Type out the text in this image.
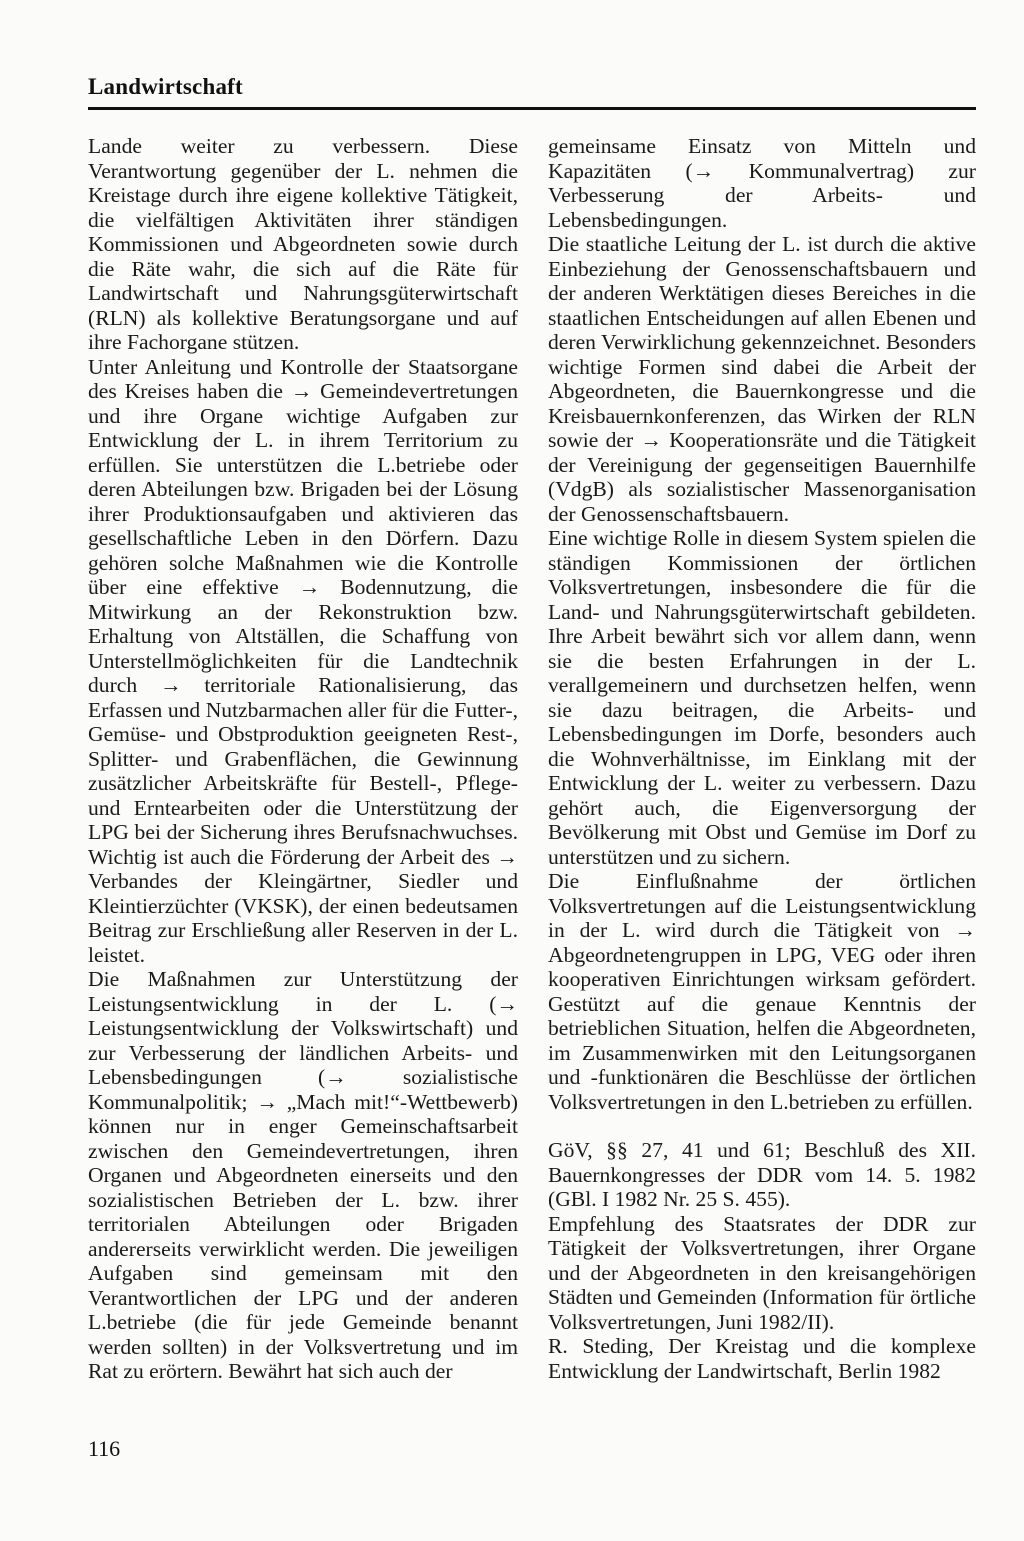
Landwirtschaft

Lande weiter zu verbessern. Diese Verantwortung gegenüber der L. nehmen die Kreistage durch ihre eigene kollektive Tätigkeit, die vielfältigen Aktivitäten ihrer ständigen Kommissionen und Abgeordneten sowie durch die Räte wahr, die sich auf die Räte für Landwirtschaft und Nahrungsgüterwirtschaft (RLN) als kollektive Beratungsorgane und auf ihre Fachorgane stützen.

Unter Anleitung und Kontrolle der Staatsorgane des Kreises haben die → Gemeindevertretungen und ihre Organe wichtige Aufgaben zur Entwicklung der L. in ihrem Territorium zu erfüllen. Sie unterstützen die L.betriebe oder deren Abteilungen bzw. Brigaden bei der Lösung ihrer Produktionsaufgaben und aktivieren das gesellschaftliche Leben in den Dörfern. Dazu gehören solche Maßnahmen wie die Kontrolle über eine effektive → Bodennutzung, die Mitwirkung an der Rekonstruktion bzw. Erhaltung von Altställen, die Schaffung von Unterstellmöglichkeiten für die Landtechnik durch → territoriale Rationalisierung, das Erfassen und Nutzbarmachen aller für die Futter-, Gemüse- und Obstproduktion geeigneten Rest-, Splitter- und Grabenflächen, die Gewinnung zusätzlicher Arbeitskräfte für Bestell-, Pflege- und Erntearbeiten oder die Unterstützung der LPG bei der Sicherung ihres Berufsnachwuchses. Wichtig ist auch die Förderung der Arbeit des → Verbandes der Kleingärtner, Siedler und Kleintierzüchter (VKSK), der einen bedeutsamen Beitrag zur Erschließung aller Reserven in der L. leistet.

Die Maßnahmen zur Unterstützung der Leistungsentwicklung in der L. (→ Leistungsentwicklung der Volkswirtschaft) und zur Verbesserung der ländlichen Arbeits- und Lebensbedingungen (→ sozialistische Kommunalpolitik; → „Mach mit!“-Wettbewerb) können nur in enger Gemeinschaftsarbeit zwischen den Gemeindevertretungen, ihren Organen und Abgeordneten einerseits und den sozialistischen Betrieben der L. bzw. ihrer territorialen Abteilungen oder Brigaden andererseits verwirklicht werden. Die jeweiligen Aufgaben sind gemeinsam mit den Verantwortlichen der LPG und der anderen L.betriebe (die für jede Gemeinde benannt werden sollten) in der Volksvertretung und im Rat zu erörtern. Bewährt hat sich auch der

gemeinsame Einsatz von Mitteln und Kapazitäten (→ Kommunalvertrag) zur Verbesserung der Arbeits- und Lebensbedingungen.

Die staatliche Leitung der L. ist durch die aktive Einbeziehung der Genossenschaftsbauern und der anderen Werktätigen dieses Bereiches in die staatlichen Entscheidungen auf allen Ebenen und deren Verwirklichung gekennzeichnet. Besonders wichtige Formen sind dabei die Arbeit der Abgeordneten, die Bauernkongresse und die Kreisbauernkonferenzen, das Wirken der RLN sowie der → Kooperationsräte und die Tätigkeit der Vereinigung der gegenseitigen Bauernhilfe (VdgB) als sozialistischer Massenorganisation der Genossenschaftsbauern.

Eine wichtige Rolle in diesem System spielen die ständigen Kommissionen der örtlichen Volksvertretungen, insbesondere die für die Land- und Nahrungsgüterwirtschaft gebildeten. Ihre Arbeit bewährt sich vor allem dann, wenn sie die besten Erfahrungen in der L. verallgemeinern und durchsetzen helfen, wenn sie dazu beitragen, die Arbeits- und Lebensbedingungen im Dorfe, besonders auch die Wohnverhältnisse, im Einklang mit der Entwicklung der L. weiter zu verbessern. Dazu gehört auch, die Eigenversorgung der Bevölkerung mit Obst und Gemüse im Dorf zu unterstützen und zu sichern.

Die Einflußnahme der örtlichen Volksvertretungen auf die Leistungsentwicklung in der L. wird durch die Tätigkeit von → Abgeordnetengruppen in LPG, VEG oder ihren kooperativen Einrichtungen wirksam gefördert. Gestützt auf die genaue Kenntnis der betrieblichen Situation, helfen die Abgeordneten, im Zusammenwirken mit den Leitungsorganen und -funktionären die Beschlüsse der örtlichen Volksvertretungen in den L.betrieben zu erfüllen.

GöV, §§ 27, 41 und 61; Beschluß des XII. Bauernkongresses der DDR vom 14. 5. 1982 (GBl. I 1982 Nr. 25 S. 455).

Empfehlung des Staatsrates der DDR zur Tätigkeit der Volksvertretungen, ihrer Organe und der Abgeordneten in den kreisangehörigen Städten und Gemeinden (Information für örtliche Volksvertretungen, Juni 1982/II).

R. Steding, Der Kreistag und die komplexe Entwicklung der Landwirtschaft, Berlin 1982

116
